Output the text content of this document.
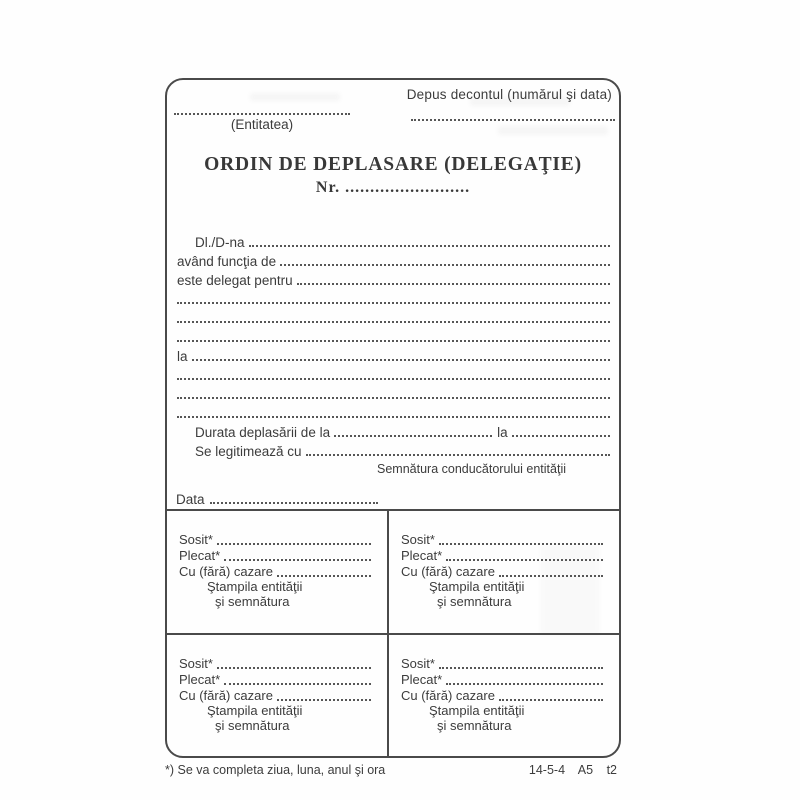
Depus decontul (numărul şi data)
(Entitatea)
ORDIN DE DEPLASARE (DELEGAŢIE)
Nr. .........................
Dl./D-na
având funcţia de
este delegat pentru
la
Durata deplasării de la	la
Se legitimează cu
Semnătura conducătorului entităţii
Data
Sosit*
Plecat*
Cu (fără) cazare
Ştampila entităţii
şi semnătura
Sosit*
Plecat*
Cu (fără) cazare
Ştampila entităţii
şi semnătura
Sosit*
Plecat*
Cu (fără) cazare
Ştampila entităţii
şi semnătura
Sosit*
Plecat*
Cu (fără) cazare
Ştampila entităţii
şi semnătura
*) Se va completa ziua, luna, anul şi ora	14-5-4 A5 t2
